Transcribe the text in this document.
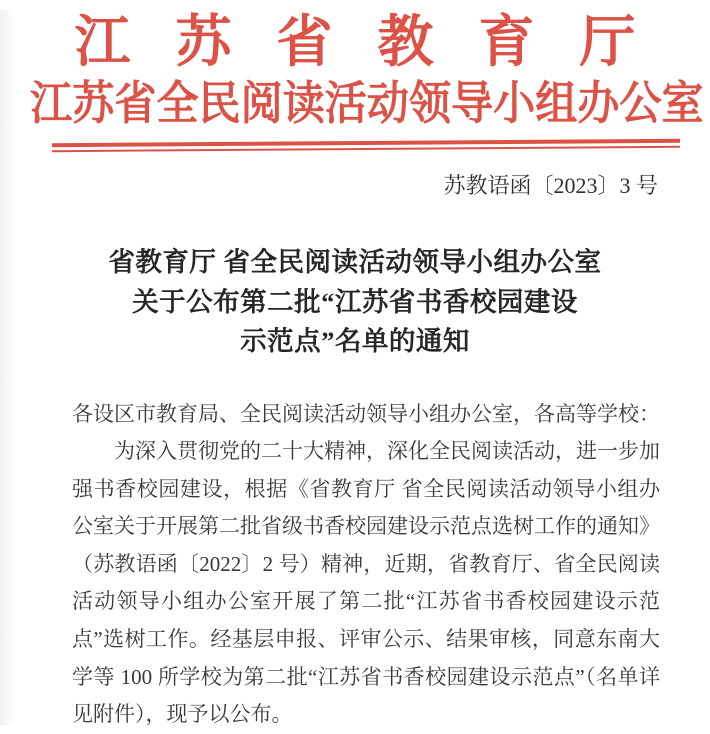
江苏省教育厅
江苏省全民阅读活动领导小组办公室
苏教语函〔2023〕3 号
省教育厅 省全民阅读活动领导小组办公室
关于公布第二批“江苏省书香校园建设
示范点”名单的通知

各设区市教育局、全民阅读活动领导小组办公室，各高等学校：

为深入贯彻党的二十大精神，深化全民阅读活动，进一步加

强书香校园建设，根据《省教育厅 省全民阅读活动领导小组办

公室关于开展第二批省级书香校园建设示范点选树工作的通知》

（苏教语函〔2022〕2 号）精神，近期，省教育厅、省全民阅读

活动领导小组办公室开展了第二批“江苏省书香校园建设示范

点”选树工作。经基层申报、评审公示、结果审核，同意东南大

学等 100 所学校为第二批“江苏省书香校园建设示范点”（名单详

见附件），现予以公布。
